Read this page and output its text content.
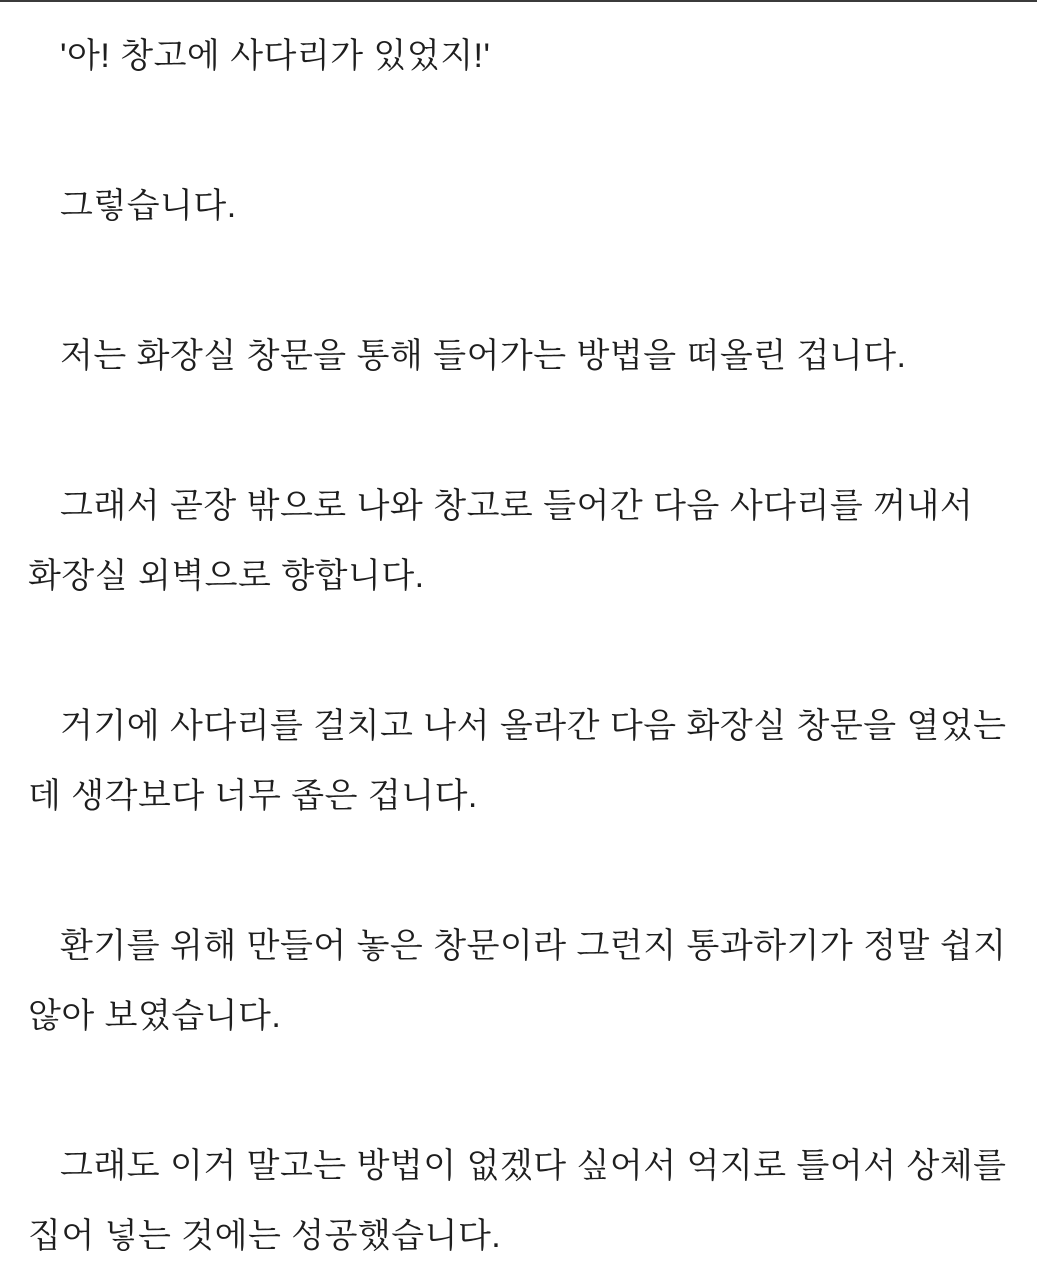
'아! 창고에 사다리가 있었지!'

그렇습니다.

저는 화장실 창문을 통해 들어가는 방법을 떠올린 겁니다.

그래서 곧장 밖으로 나와 창고로 들어간 다음 사다리를 꺼내서 화장실 외벽으로 향합니다.

거기에 사다리를 걸치고 나서 올라간 다음 화장실 창문을 열었는데 생각보다 너무 좁은 겁니다.

환기를 위해 만들어 놓은 창문이라 그런지 통과하기가 정말 쉽지 않아 보였습니다.

그래도 이거 말고는 방법이 없겠다 싶어서 억지로 틀어서 상체를 집어 넣는 것에는 성공했습니다.
